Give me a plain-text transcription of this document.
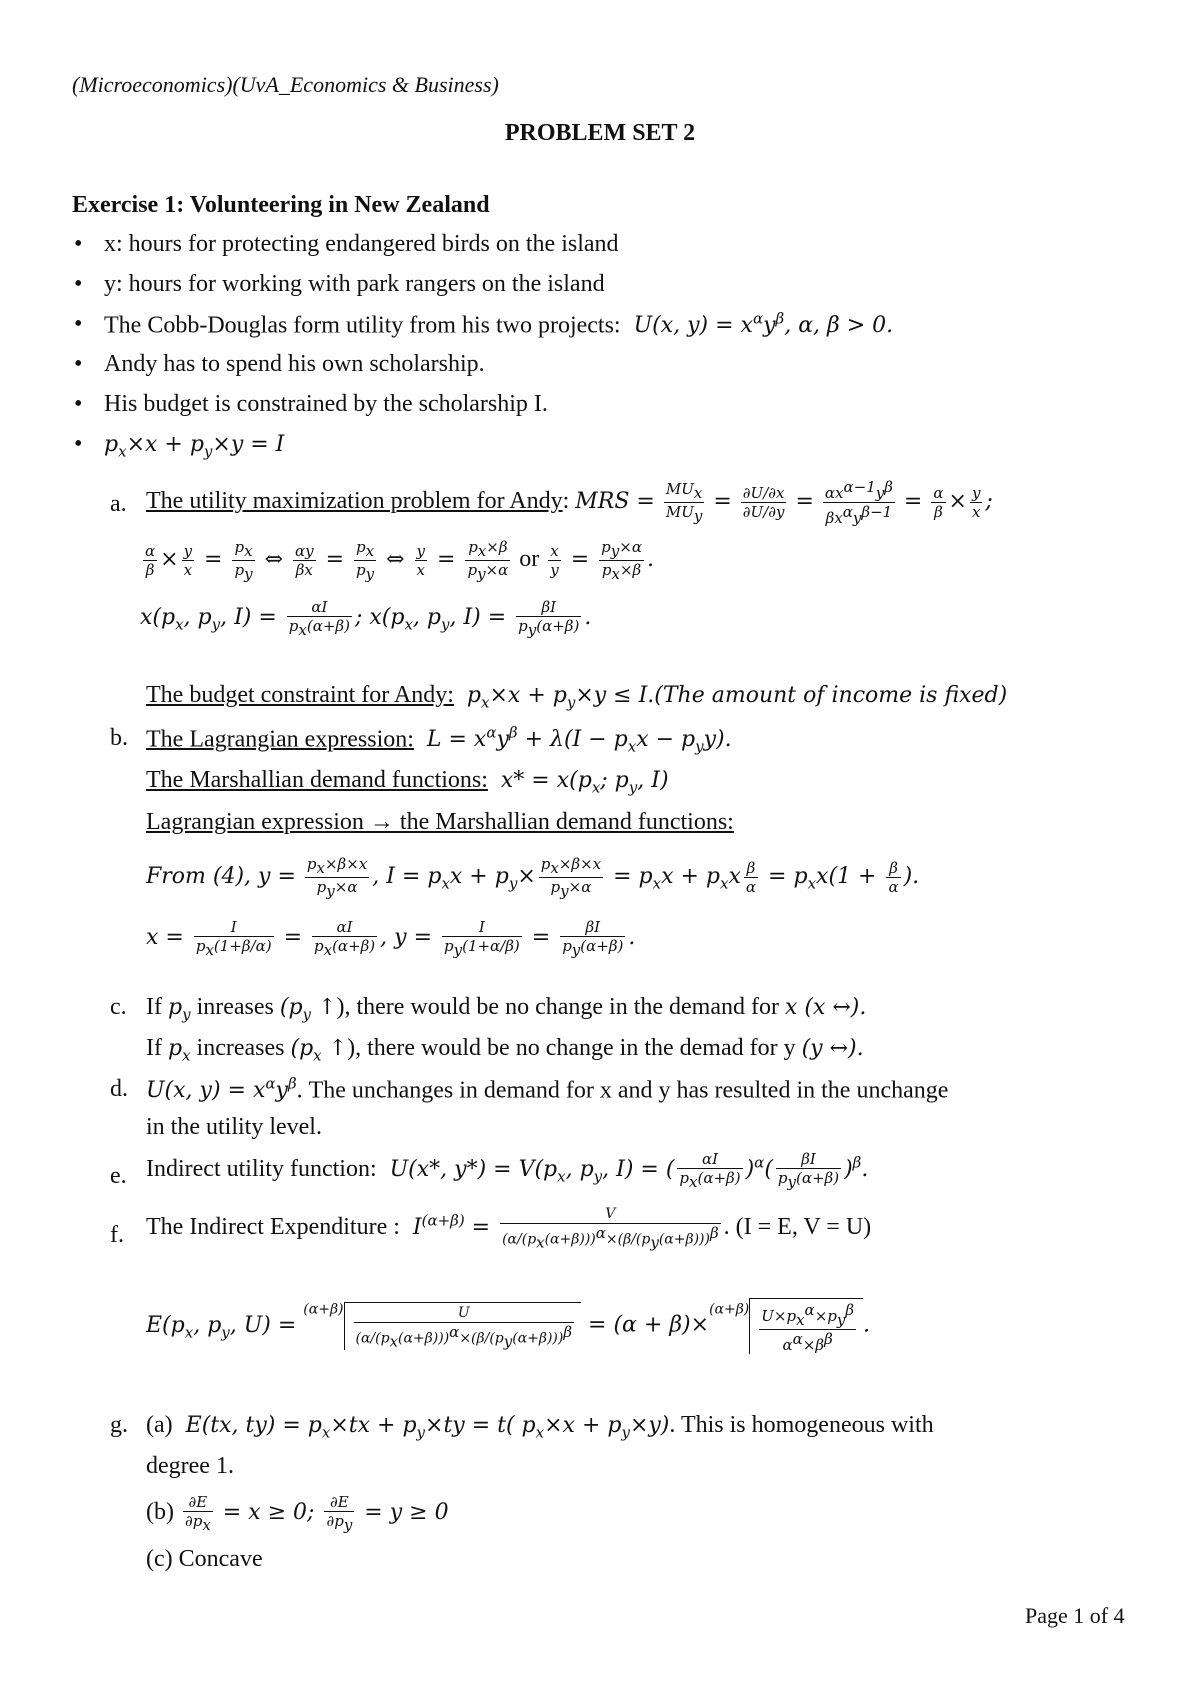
(Microeconomics)(UvA_Economics & Business)
PROBLEM SET 2
Exercise 1: Volunteering in New Zealand
• x: hours for protecting endangered birds on the island
• y: hours for working with park rangers on the island
• The Cobb-Douglas form utility from his two projects:  U(x, $y) = x^\alpha y^\beta$, α, β > 0.
• Andy has to spend his own scholarship.
• His budget is constrained by the scholarship I.
• $p_x\times x + p_y\times y = I$
a. The utility maximization problem for Andy: MRS = $\frac{MU_x}{MU_y} = \frac{\partial U/\partial x}{\partial U/\partial y} = \frac{\alpha x^{\alpha-1}y^\beta}{\beta x^\alpha y^{\beta-1}} = \frac{\alpha}{\beta} \times \frac{y}{x}$ ;
$\frac{\alpha}{\beta} \times \frac{y}{x} = \frac{p_x}{p_y}$ ⇔ $\frac{\alpha y}{\beta x} = \frac{p_x}{p_y}$ ⇔ $\frac{y}{x} = \frac{p_x\times\beta}{p_y\times\alpha}$ or $\frac{x}{y} = \frac{p_y\times\alpha}{p_x\times\beta}$ .
$x(p_x$, $p_y$, $I) = \frac{\alpha I}{p_x(\alpha+\beta)}$ ; $x(p_x$, $p_y$, $I) = \frac{\beta I}{p_y(\alpha+\beta)}$ .
The budget constraint for Andy:  $p_x\times x + p_y\times y \le I.(The$ amount of income is fixed)
b. The Lagrangian expression:  $L = x^\alpha y^\beta + \lambda(I - p_xx - p_yy)$.
The Marshallian demand functions:  $x* = x(p_x$; $p_y$, I)
Lagrangian expression → the Marshallian demand functions:
From (4), $y = \frac{p_x\times\beta\times x}{p_y\times\alpha}$ , $I = p_xx + p_y\times \frac{p_x\times\beta\times x}{p_y\times\alpha} = p_xx + p_xx \frac{\beta}{\alpha} = p_xx(1 + \frac{\beta}{\alpha}$ ).
$x = \frac{I}{p_x(1+\beta/\alpha)} = \frac{\alpha I}{p_x(\alpha+\beta)}$ , $y = \frac{I}{p_y(1+\alpha/\beta)} = \frac{\beta I}{p_y(\alpha+\beta)}$ .
c. If $p_y$ inreases ($p_y$ ↑), there would be no change in the demand for x (x ↔).
If $p_x$ increases ($p_x$ ↑), there would be no change in the demad for y (y ↔).
d. U(x, $y) = x^\alpha y^\beta$. The unchanges in demand for x and y has resulted in the unchange
in the utility level.
e. Indirect utility function:  U(x*, $y*) = V(p_x$, $p_y$, I) = ( $\frac{\alpha I}{p_x(\alpha+\beta)} )^\alpha( \frac{\beta I}{p_y(\alpha+\beta)} )^\beta$.
f. The Indirect Expenditure :  $I^{(\alpha+\beta)} = \frac{V}{(\alpha/(p_x(\alpha+\beta)))^\alpha\times(\beta/(p_y(\alpha+\beta)))^\beta}$ . (I = E, V = U)
$E(p_x$, $p_y$, $U) = ^{(\alpha+\beta)} \frac{U}{(\alpha/(p_x(\alpha+\beta)))^\alpha\times(\beta/(p_y(\alpha+\beta)))^\beta} = (\alpha + \beta)\times^{(\alpha+\beta)} \frac{U\times p_x^\alpha\times p_y^\beta}{\alpha^\alpha\times\beta^\beta}$ .
g. (a)  E(tx, $ty) = p_x\times tx + p_y\times ty = t$( $p_x\times x + p_y\times y$). This is homogeneous with
degree 1.
$(b) \frac{\partial E}{\partial p_x} = x \ge 0$; $\frac{\partial E}{\partial p_y} = y \ge 0$
(c) Concave
Page 1 of 4
